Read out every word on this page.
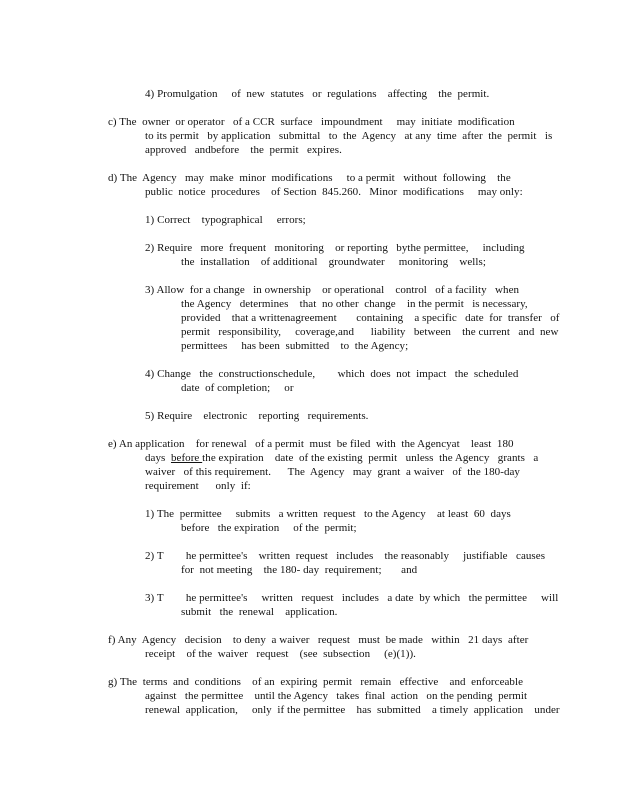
4) Promulgation     of  new  statutes   or  regulations    affecting    the  permit.
c) The  owner  or operator   of a CCR  surface   impoundment     may  initiate  modification
to its permit   by application   submittal   to  the  Agency   at any  time  after  the  permit   is
approved   andbefore    the  permit   expires.
d) The  Agency   may  make  minor  modifications     to a permit   without  following    the
public  notice  procedures    of Section  845.260.   Minor  modifications     may only:
1) Correct    typographical     errors;
2) Require   more  frequent   monitoring    or reporting   bythe permittee,     including
the  installation    of additional    groundwater     monitoring    wells;
3) Allow  for a change   in ownership    or operational    control   of a facility   when
the Agency   determines    that  no other  change    in the permit   is necessary,
provided    that a writtenagreement       containing    a specific   date  for  transfer   of
permit   responsibility,     coverage,and      liability   between    the current   and  new
permittees     has been  submitted    to  the Agency;
4) Change   the  constructionschedule,        which  does  not  impact   the  scheduled
date  of completion;     or
5) Require    electronic    reporting   requirements.
e) An application    for renewal   of a permit  must  be filed  with  the Agencyat    least  180
days  before the expiration    date  of the existing  permit   unless  the Agency   grants   a
waiver   of this requirement.      The  Agency   may  grant  a waiver   of  the 180-day
requirement      only  if:
1) The  permittee     submits   a written  request   to the Agency    at least  60  days
before   the expiration     of the  permit;
2) T        he permittee's    written  request   includes    the reasonably     justifiable   causes
for  not meeting    the 180- day  requirement;       and
3) T        he permittee's     written   request   includes   a date  by which   the permittee     will
submit   the  renewal    application.
f) Any  Agency   decision    to deny  a waiver   request   must  be made   within   21 days  after
receipt    of the  waiver   request    (see  subsection     (e)(1)).
g) The  terms  and  conditions    of an  expiring  permit   remain   effective    and  enforceable
against   the permittee    until the Agency   takes  final  action   on the pending  permit
renewal  application,     only  if the permittee    has  submitted    a timely  application    under
